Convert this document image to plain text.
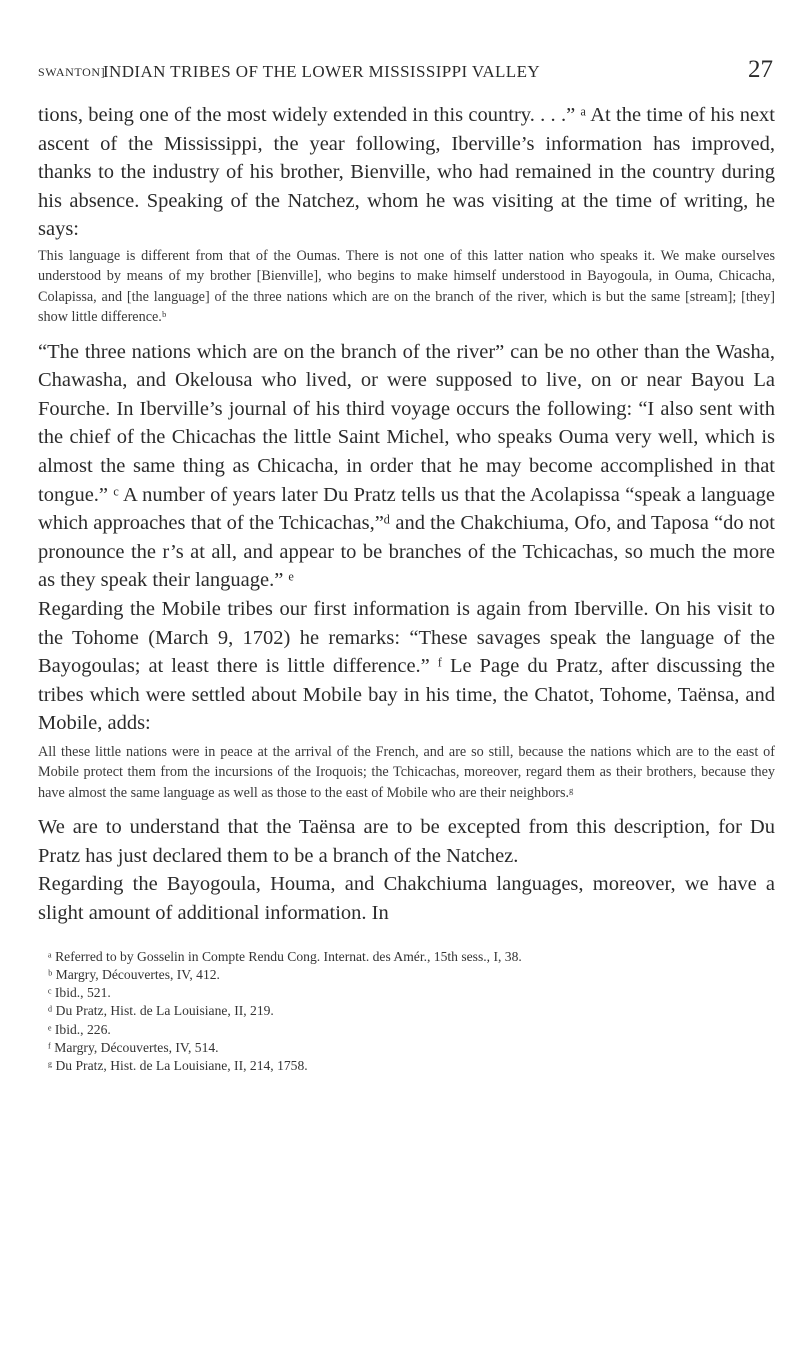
SWANTON]
INDIAN TRIBES OF THE LOWER MISSISSIPPI VALLEY	27

tions, being one of the most widely extended in this country. . . .” ᵃ At the time of his next ascent of the Mississippi, the year following, Iberville’s information has improved, thanks to the industry of his brother, Bienville, who had remained in the country during his absence. Speaking of the Natchez, whom he was visiting at the time of writing, he says:

This language is different from that of the Oumas. There is not one of this latter nation who speaks it. We make ourselves understood by means of my brother [Bienville], who begins to make himself understood in Bayogoula, in Ouma, Chicacha, Colapissa, and [the language] of the three nations which are on the branch of the river, which is but the same [stream]; [they] show little difference.ᵇ

“The three nations which are on the branch of the river” can be no other than the Washa, Chawasha, and Okelousa who lived, or were supposed to live, on or near Bayou La Fourche. In Iberville’s journal of his third voyage occurs the following: “I also sent with the chief of the Chicachas the little Saint Michel, who speaks Ouma very well, which is almost the same thing as Chicacha, in order that he may become accomplished in that tongue.” ᶜ A number of years later Du Pratz tells us that the Acolapissa “speak a language which approaches that of the Tchicachas,”ᵈ and the Chakchiuma, Ofo, and Taposa “do not pronounce the r’s at all, and appear to be branches of the Tchicachas, so much the more as they speak their language.” ᵉ

Regarding the Mobile tribes our first information is again from Iberville. On his visit to the Tohome (March 9, 1702) he remarks: “These savages speak the language of the Bayogoulas; at least there is little difference.” ᶠ Le Page du Pratz, after discussing the tribes which were settled about Mobile bay in his time, the Chatot, Tohome, Taënsa, and Mobile, adds:

All these little nations were in peace at the arrival of the French, and are so still, because the nations which are to the east of Mobile protect them from the incursions of the Iroquois; the Tchicachas, moreover, regard them as their brothers, because they have almost the same language as well as those to the east of Mobile who are their neighbors.ᵍ

We are to understand that the Taënsa are to be excepted from this description, for Du Pratz has just declared them to be a branch of the Natchez.

Regarding the Bayogoula, Houma, and Chakchiuma languages, moreover, we have a slight amount of additional information. In

ᵃ Referred to by Gosselin in Compte Rendu Cong. Internat. des Amér., 15th sess., I, 38.

ᵇ Margry, Découvertes, IV, 412.

ᶜ Ibid., 521.

ᵈ Du Pratz, Hist. de La Louisiane, II, 219.

ᵉ Ibid., 226.

ᶠ Margry, Découvertes, IV, 514.

ᵍ Du Pratz, Hist. de La Louisiane, II, 214, 1758.
